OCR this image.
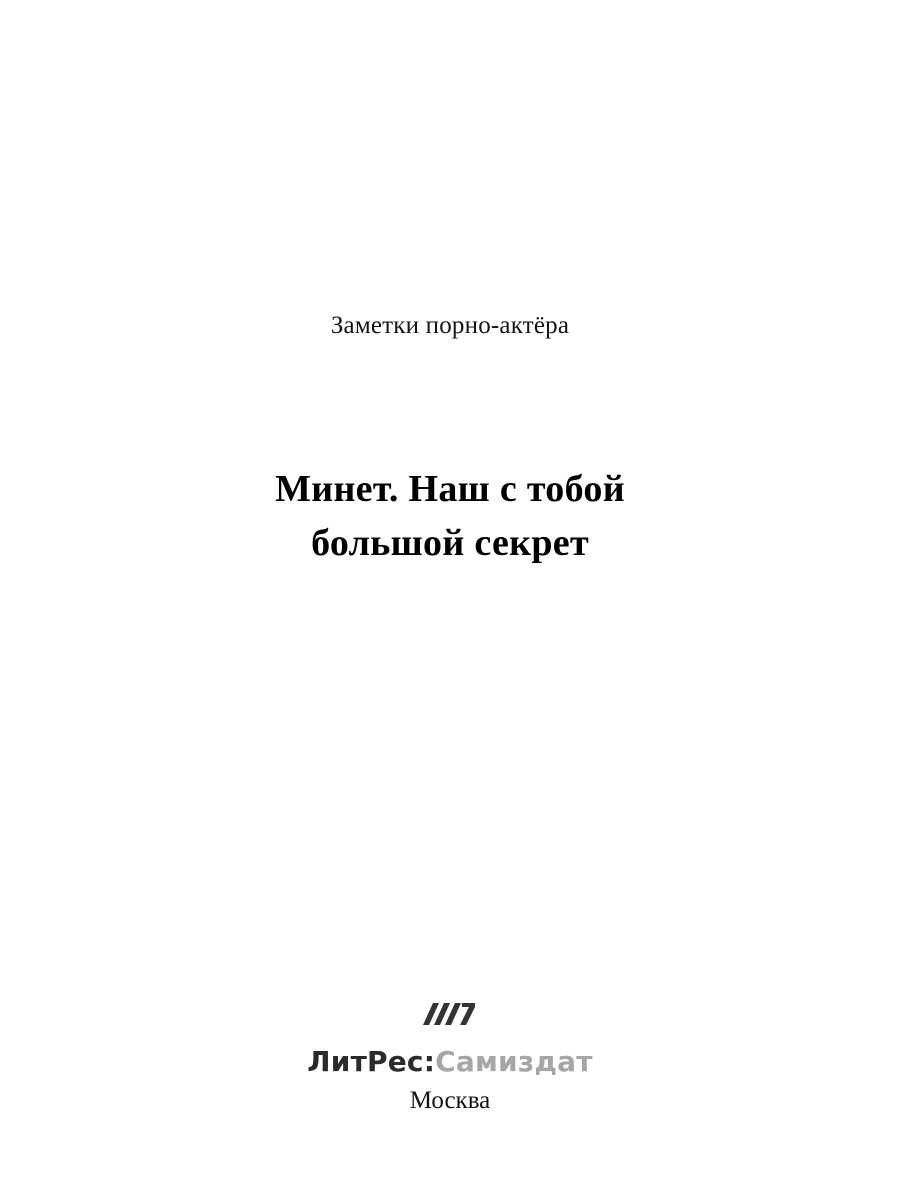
Заметки порно-актёра
Минет. Наш с тобой
большой секрет
ЛитРес:Самиздат
Москва
